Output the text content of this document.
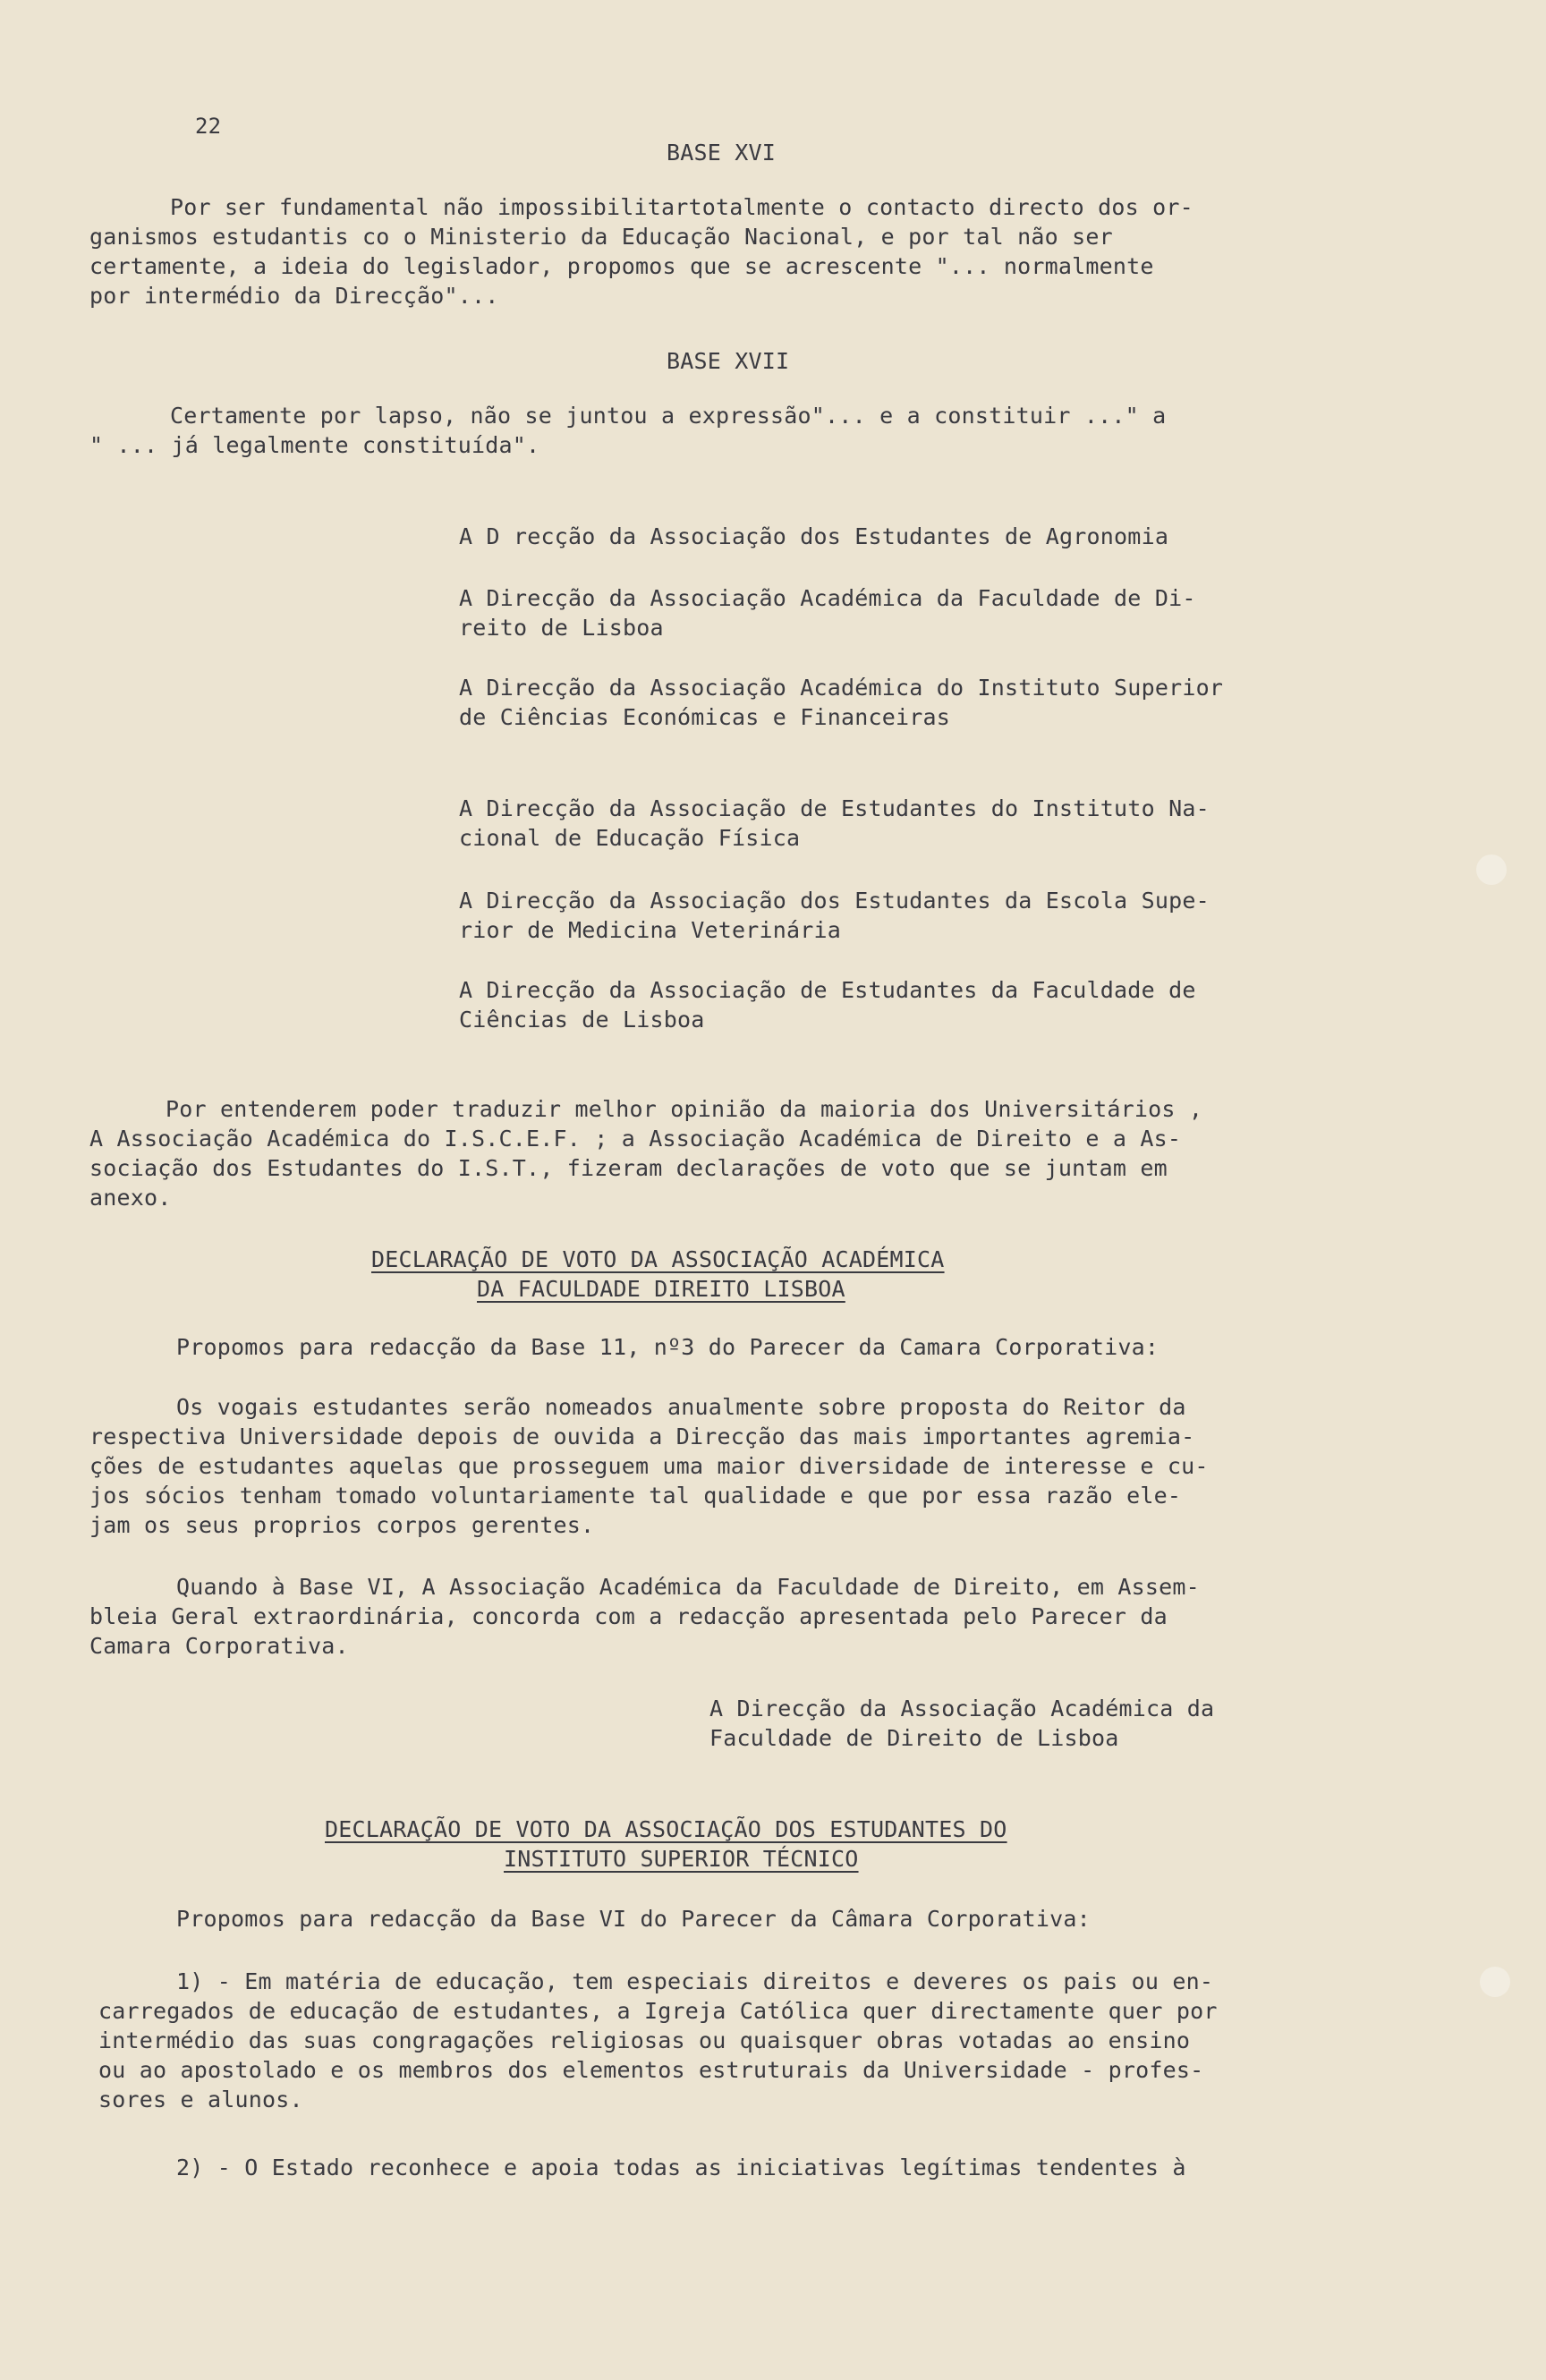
22

BASE XVI

Por ser fundamental não impossibilitartotalmente o contacto directo dos or-

ganismos estudantis co o Ministerio da Educação Nacional, e por tal não ser

certamente, a ideia do legislador, propomos que se acrescente "... normalmente

por intermédio da Direcção"...

BASE XVII

Certamente por lapso, não se juntou a expressão"... e a constituir ..." a

" ... já legalmente constituída".

A D recção da Associação dos Estudantes de Agronomia

A Direcção da Associação Académica da Faculdade de Di-

reito de Lisboa

A Direcção da Associação Académica do Instituto Superior

de Ciências Económicas e Financeiras

A Direcção da Associação de Estudantes do Instituto Na-

cional de Educação Física

A Direcção da Associação dos Estudantes da Escola Supe-

rior de Medicina Veterinária

A Direcção da Associação de Estudantes da Faculdade de

Ciências de Lisboa

Por entenderem poder traduzir melhor opinião da maioria dos Universitários ,

A Associação Académica do I.S.C.E.F. ; a Associação Académica de Direito e a As-

sociação dos Estudantes do I.S.T., fizeram declarações de voto que se juntam em

anexo.

DECLARAÇÃO DE VOTO DA ASSOCIAÇÃO ACADÉMICA

DA FACULDADE DIREITO LISBOA

Propomos para redacção da Base 11, nº3 do Parecer da Camara Corporativa:

Os vogais estudantes serão nomeados anualmente sobre proposta do Reitor da

respectiva Universidade depois de ouvida a Direcção das mais importantes agremia-

ções de estudantes aquelas que prosseguem uma maior diversidade de interesse e cu-

jos sócios tenham tomado voluntariamente tal qualidade e que por essa razão ele-

jam os seus proprios corpos gerentes.

Quando à Base VI, A Associação Académica da Faculdade de Direito, em Assem-

bleia Geral extraordinária, concorda com a redacção apresentada pelo Parecer da

Camara Corporativa.

A Direcção da Associação Académica da

Faculdade de Direito de Lisboa

DECLARAÇÃO DE VOTO DA ASSOCIAÇÃO DOS ESTUDANTES DO

INSTITUTO SUPERIOR TÉCNICO

Propomos para redacção da Base VI do Parecer da Câmara Corporativa:

1) - Em matéria de educação, tem especiais direitos e deveres os pais ou en-

carregados de educação de estudantes, a Igreja Católica quer directamente quer por

intermédio das suas congragações religiosas ou quaisquer obras votadas ao ensino

ou ao apostolado e os membros dos elementos estruturais da Universidade - profes-

sores e alunos.

2) - O Estado reconhece e apoia todas as iniciativas legítimas tendentes à
